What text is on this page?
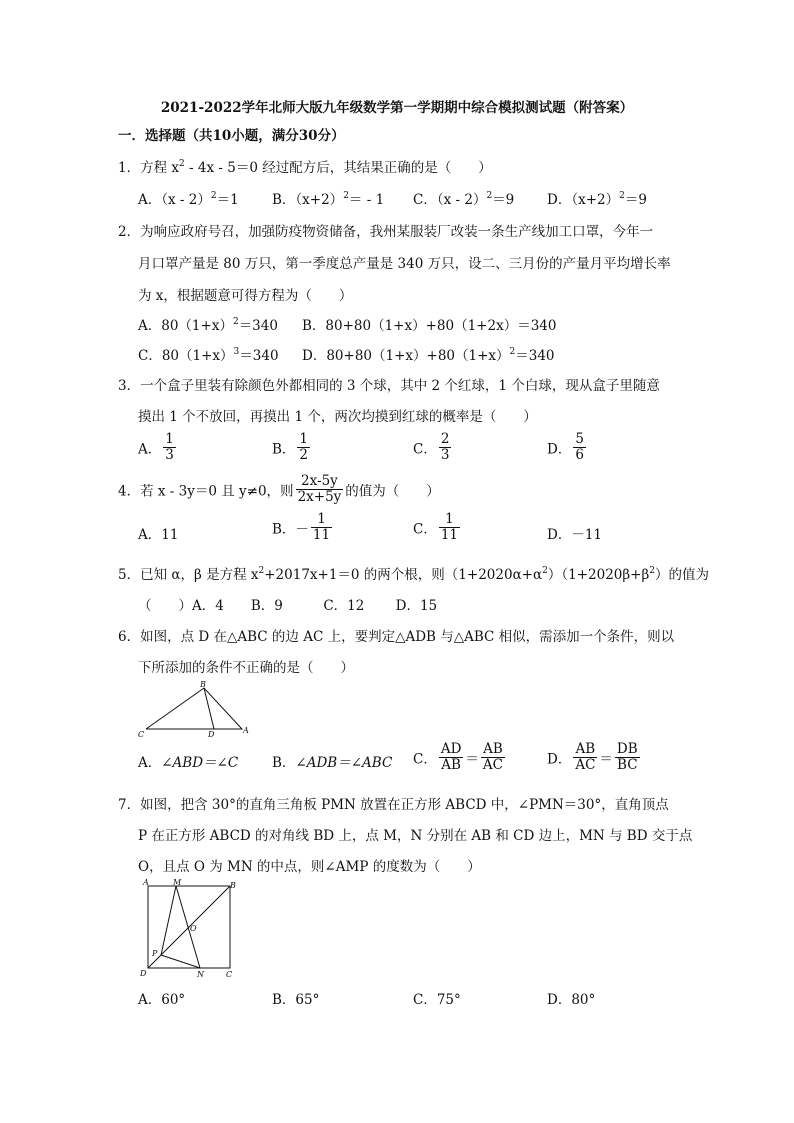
2021-2022学年北师大版九年级数学第一学期期中综合模拟测试题（附答案）
一．选择题（共10小题，满分30分）
1．方程 $x^2 - 4x - 5=0$ 经过配方后，其结果正确的是（　　）
A．（x - 2）$^2$＝1 B．$(x+2)^2= - 1$ C．（x - 2）$^2$＝9 D．$(x+2)^2=9$
2．为响应政府号召，加强防疫物资储备，我州某服装厂改装一条生产线加工口罩，今年一
月口罩产量是 80 万只，第一季度总产量是 340 万只，设二、三月份的产量月平均增长率
为 x，根据题意可得方程为（　　）
A．$80(1+x)^2=340$ B．80+80（1+x）+80（1+2x）＝340
C．$80(1+x)^3=340$ D．$80+80(1+x)+80(1+x)^2=340$
3．一个盒子里装有除颜色外都相同的 3 个球，其中 2 个红球，1 个白球，现从盒子里随意
摸出 1 个不放回，再摸出 1 个，两次均摸到红球的概率是（　　）
A． $\frac{1}{3}$	B． $\frac{1}{2}$	C． $\frac{2}{3}$	D． $\frac{5}{6}$
4．若 x - 3y＝0 且 y≠0，则 $\frac{2x-5y}{2x+5y}$ 的值为（　　）
A．11	B．－ $\frac{1}{11}$	C． $\frac{1}{11}$	D．－11
5．已知 α，β 是方程 $x^2+2017x+1=0$ 的两个根，则$(1+2020\alpha+\alpha^2)(1+2020\beta+\beta^2)$的值为
（　　）A．4　　B．9　　　C．12　　 D．15
6．如图，点 D 在△ABC 的边 AC 上，要判定△ADB 与△ABC 相似，需添加一个条件，则以
下所添加的条件不正确的是（　　）
B
C	D	A
A．∠ABD＝∠C	B．∠ADB＝∠ABC C． $\frac{AD}{AB} = \frac{AB}{AC}$	D． $\frac{AB}{AC} = \frac{DB}{BC}$
7．如图，把含 30°的直角三角板 PMN 放置在正方形 ABCD 中，∠PMN＝30°，直角顶点
P 在正方形 ABCD 的对角线 BD 上，点 M，N 分别在 AB 和 CD 边上，MN 与 BD 交于点
O，且点 O 为 MN 的中点，则∠AMP 的度数为（　　）
A	M	B
O
P
D	N	C
A．60°	B．65°	C．75°	D．80°
